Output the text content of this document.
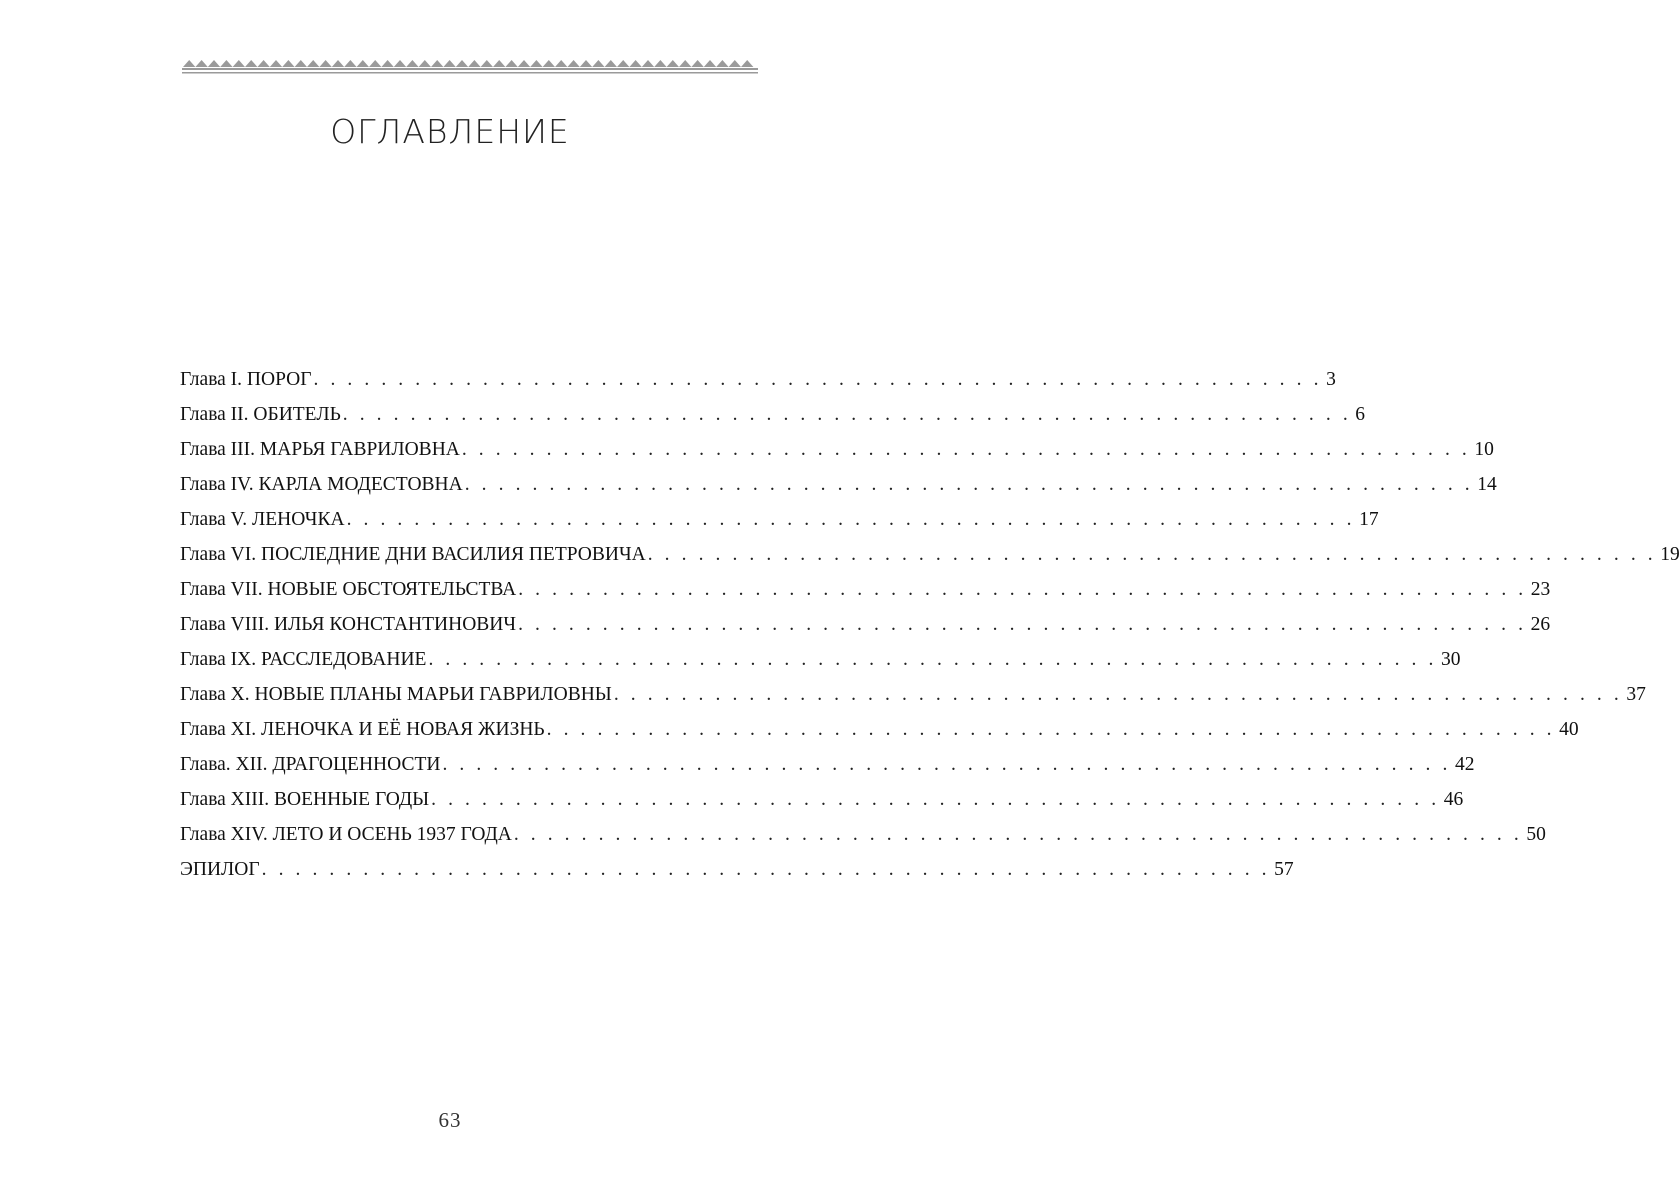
ОГЛАВЛЕНИЕ
Глава I. ПОРОГ . . . . . . . . . . . . . . . . . . . . . . . . . . . . . . . . . . . . . . . . . . . . . . . . . . . . . . . . . . . . 3
Глава II. ОБИТЕЛЬ . . . . . . . . . . . . . . . . . . . . . . . . . . . . . . . . . . . . . . . . . . . . . . . . . . . . . . . . . . . . 6
Глава III. МАРЬЯ ГАВРИЛОВНА . . . . . . . . . . . . . . . . . . . . . . . . . . . . . . . . . . . . . . . . . . . . . . . . . . . . . . . . . . . . 10
Глава IV. КАРЛА МОДЕСТОВНА . . . . . . . . . . . . . . . . . . . . . . . . . . . . . . . . . . . . . . . . . . . . . . . . . . . . . . . . . . . . 14
Глава V. ЛЕНОЧКА . . . . . . . . . . . . . . . . . . . . . . . . . . . . . . . . . . . . . . . . . . . . . . . . . . . . . . . . . . . . 17
Глава VI. ПОСЛЕДНИЕ ДНИ ВАСИЛИЯ ПЕТРОВИЧА . . . . . . . . . . . . . . . . . . . . . . . . . . . . . . . . . . . . . . . . . . . . . . . . . . . . . . . . . . . . 19
Глава VII. НОВЫЕ ОБСТОЯТЕЛЬСТВА . . . . . . . . . . . . . . . . . . . . . . . . . . . . . . . . . . . . . . . . . . . . . . . . . . . . . . . . . . . . 23
Глава VIII. ИЛЬЯ КОНСТАНТИНОВИЧ . . . . . . . . . . . . . . . . . . . . . . . . . . . . . . . . . . . . . . . . . . . . . . . . . . . . . . . . . . . . 26
Глава IX. РАССЛЕДОВАНИЕ . . . . . . . . . . . . . . . . . . . . . . . . . . . . . . . . . . . . . . . . . . . . . . . . . . . . . . . . . . . . 30
Глава X. НОВЫЕ ПЛАНЫ МАРЬИ ГАВРИЛОВНЫ . . . . . . . . . . . . . . . . . . . . . . . . . . . . . . . . . . . . . . . . . . . . . . . . . . . . . . . . . . . . 37
Глава XI. ЛЕНОЧКА И ЕЁ НОВАЯ ЖИЗНЬ . . . . . . . . . . . . . . . . . . . . . . . . . . . . . . . . . . . . . . . . . . . . . . . . . . . . . . . . . . . . 40
Глава. XII. ДРАГОЦЕННОСТИ . . . . . . . . . . . . . . . . . . . . . . . . . . . . . . . . . . . . . . . . . . . . . . . . . . . . . . . . . . . . 42
Глава XIII. ВОЕННЫЕ ГОДЫ . . . . . . . . . . . . . . . . . . . . . . . . . . . . . . . . . . . . . . . . . . . . . . . . . . . . . . . . . . . . 46
Глава XIV. ЛЕТО И ОСЕНЬ 1937 ГОДА . . . . . . . . . . . . . . . . . . . . . . . . . . . . . . . . . . . . . . . . . . . . . . . . . . . . . . . . . . . . 50
ЭПИЛОГ . . . . . . . . . . . . . . . . . . . . . . . . . . . . . . . . . . . . . . . . . . . . . . . . . . . . . . . . . . . . 57
63
